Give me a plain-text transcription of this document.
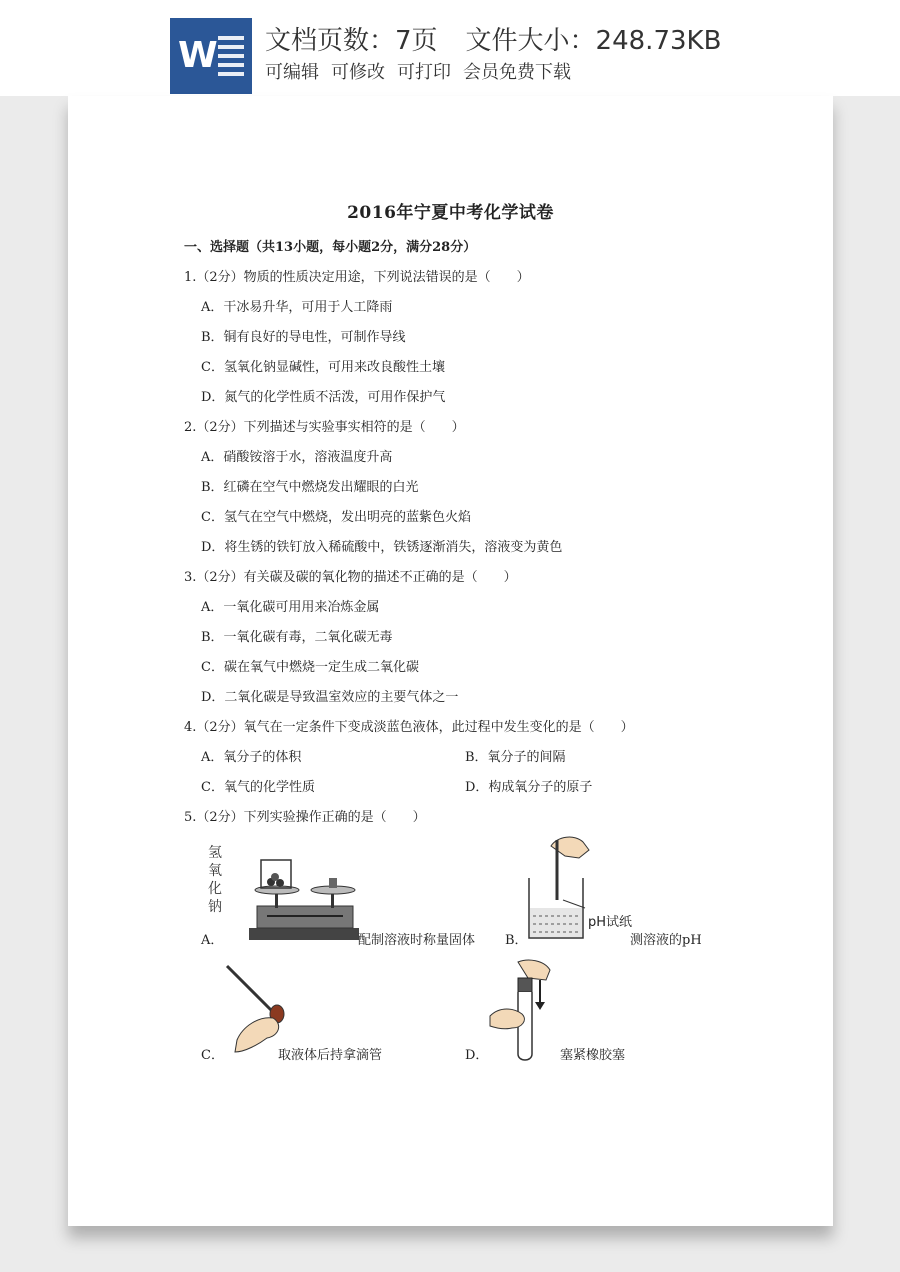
W 文档页数：7页 文件大小：248.73KB
可编辑 可修改 可打印 会员免费下载
2016年宁夏中考化学试卷
一、选择题（共13小题，每小题2分，满分28分）
1.（2分）物质的性质决定用途，下列说法错误的是（　　）
A．干冰易升华，可用于人工降雨
B．铜有良好的导电性，可制作导线
C．氢氧化钠显碱性，可用来改良酸性土壤
D．氮气的化学性质不活泼，可用作保护气
2.（2分）下列描述与实验事实相符的是（　　）
A．硝酸铵溶于水，溶液温度升高
B．红磷在空气中燃烧发出耀眼的白光
C．氢气在空气中燃烧，发出明亮的蓝紫色火焰
D．将生锈的铁钉放入稀硫酸中，铁锈逐渐消失，溶液变为黄色
3.（2分）有关碳及碳的氧化物的描述不正确的是（　　）
A．一氧化碳可用用来冶炼金属
B．一氧化碳有毒，二氧化碳无毒
C．碳在氧气中燃烧一定生成二氧化碳
D．二氧化碳是导致温室效应的主要气体之一
4.（2分）氧气在一定条件下变成淡蓝色液体，此过程中发生变化的是（　　）
A．氧分子的体积	B．氧分子的间隔
C．氧气的化学性质	D．构成氧分子的原子
5.（2分）下列实验操作正确的是（　　）
氢
氧
化
钠
A．	配制溶液时称量固体
pH试纸
B．	测溶液的pH
C．	取液体后持拿滴管	D．	塞紧橡胶塞
